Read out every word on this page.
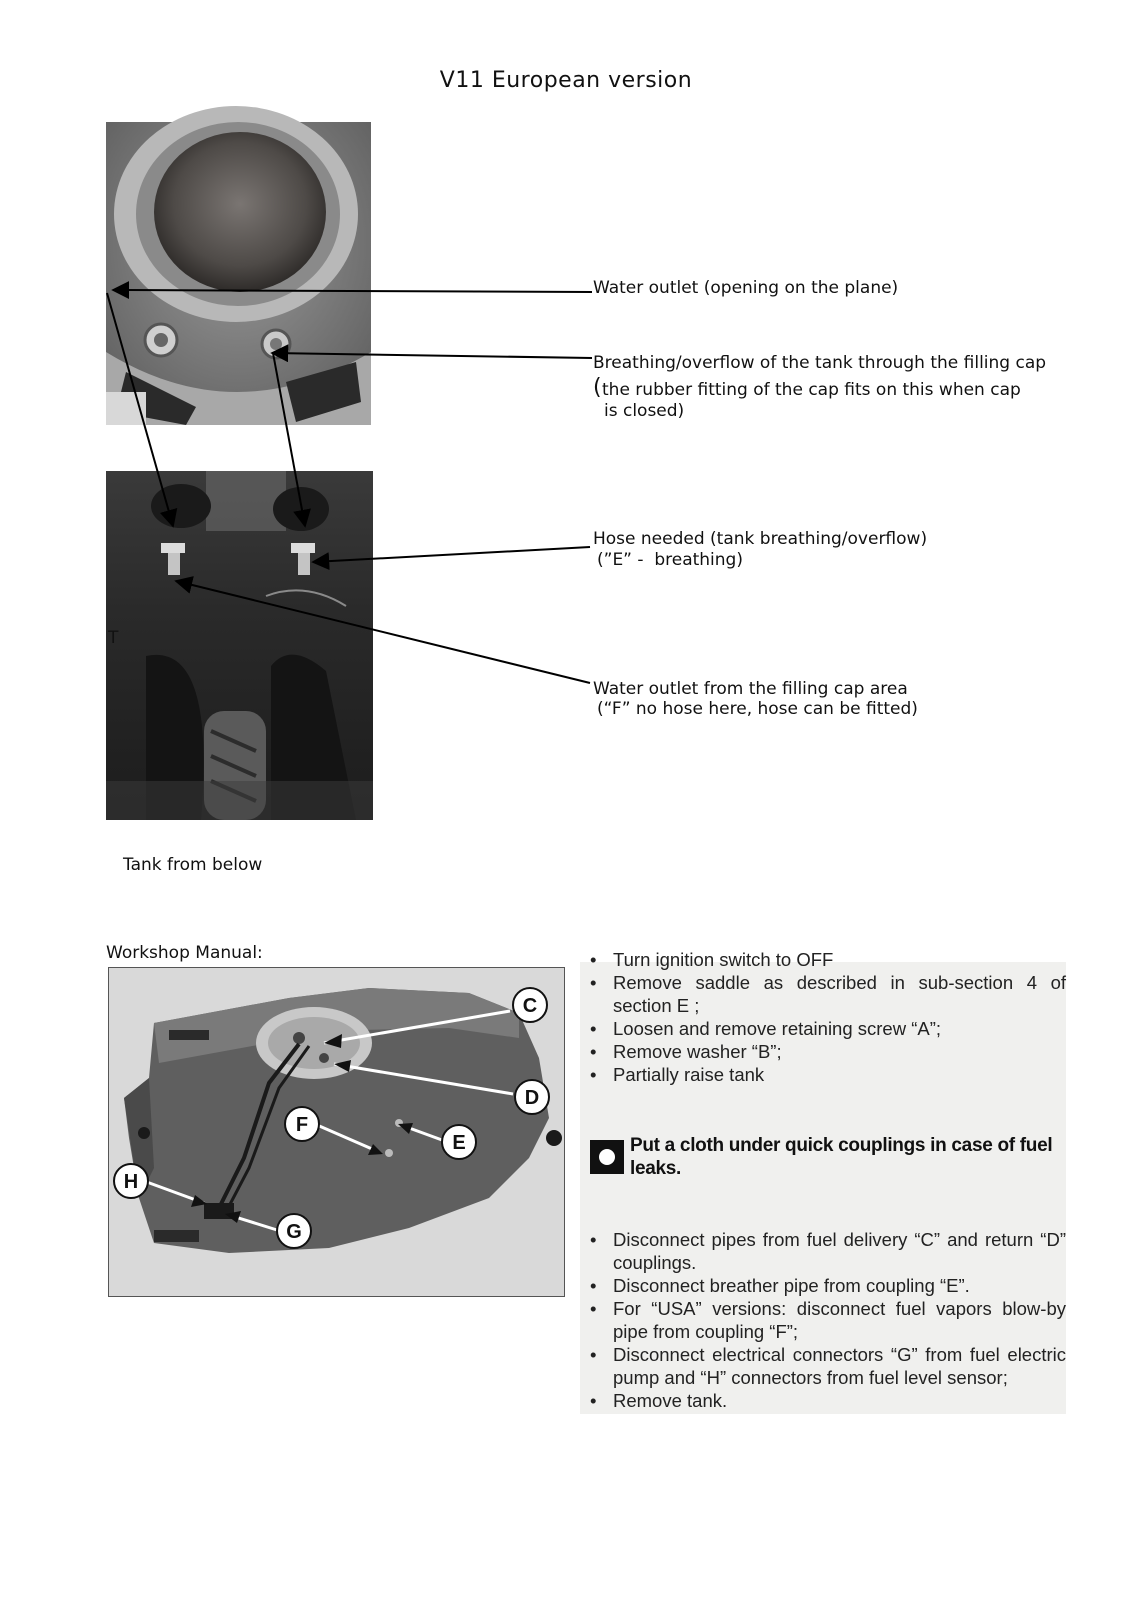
V11 European version
Water outlet (opening on the plane)
Breathing/overflow of the tank through the filling cap
( the rubber fitting of the cap fits on this when cap
is closed)
Hose needed (tank breathing/overflow)
(”E” -  breathing)
Water outlet from the filling cap area
(“F” no hose here, hose can be fitted)
T
Tank from below
Workshop Manual:
C
D
E
F
G
H
• Turn ignition switch to OFF
• Remove saddle as described in sub-section 4 of section E ;
• Loosen and remove retaining screw “A”;
• Remove washer “B”;
• Partially raise tank
Put a cloth under quick couplings in case of fuel leaks.
• Disconnect pipes from fuel delivery “C” and return “D” couplings.
• Disconnect breather pipe from coupling “E”.
• For “USA” versions: disconnect fuel vapors blow-by pipe from coupling “F”;
• Disconnect electrical connectors “G” from fuel electric pump and “H” connectors from fuel level sensor;
• Remove tank.
